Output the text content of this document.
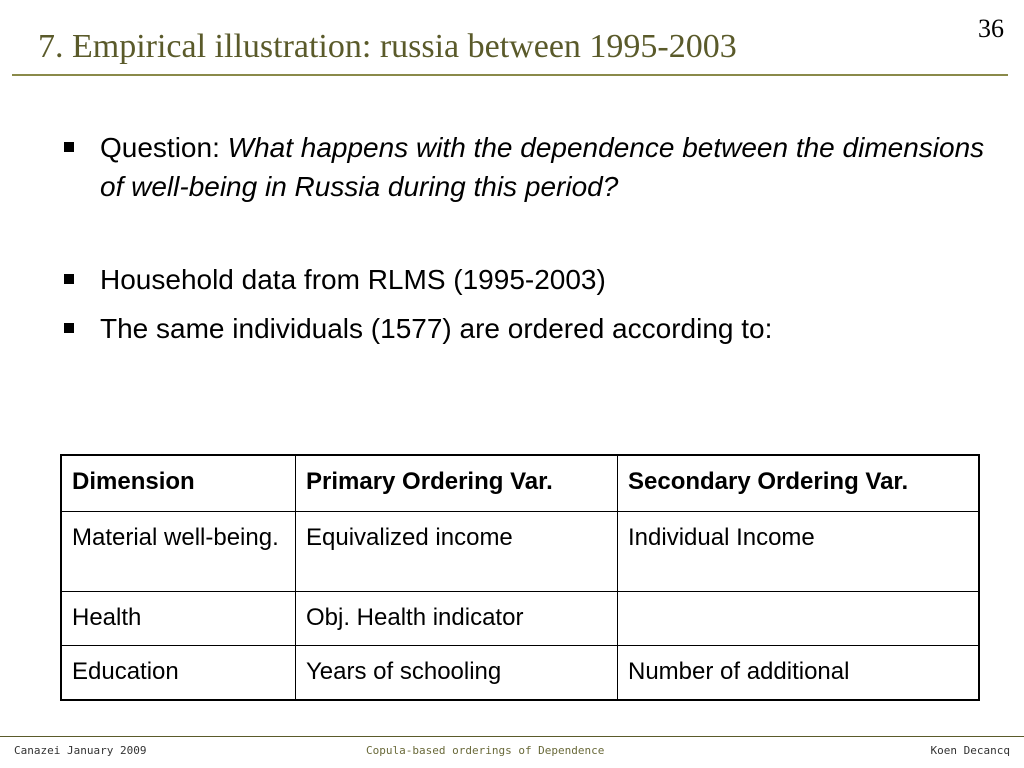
36
7. Empirical illustration: russia between 1995-2003
Question: What happens with the dependence between the dimensions of well-being in Russia during this period?
Household data from RLMS (1995-2003)
The same individuals (1577) are ordered according to:
Dimension	Primary Ordering Var.	Secondary Ordering Var.
Material well-being.	Equivalized income	Individual Income
Health	Obj. Health indicator	
Education	Years of schooling	Number of additional
Canazei January 2009	Copula-based orderings of Dependence	Koen Decancq
